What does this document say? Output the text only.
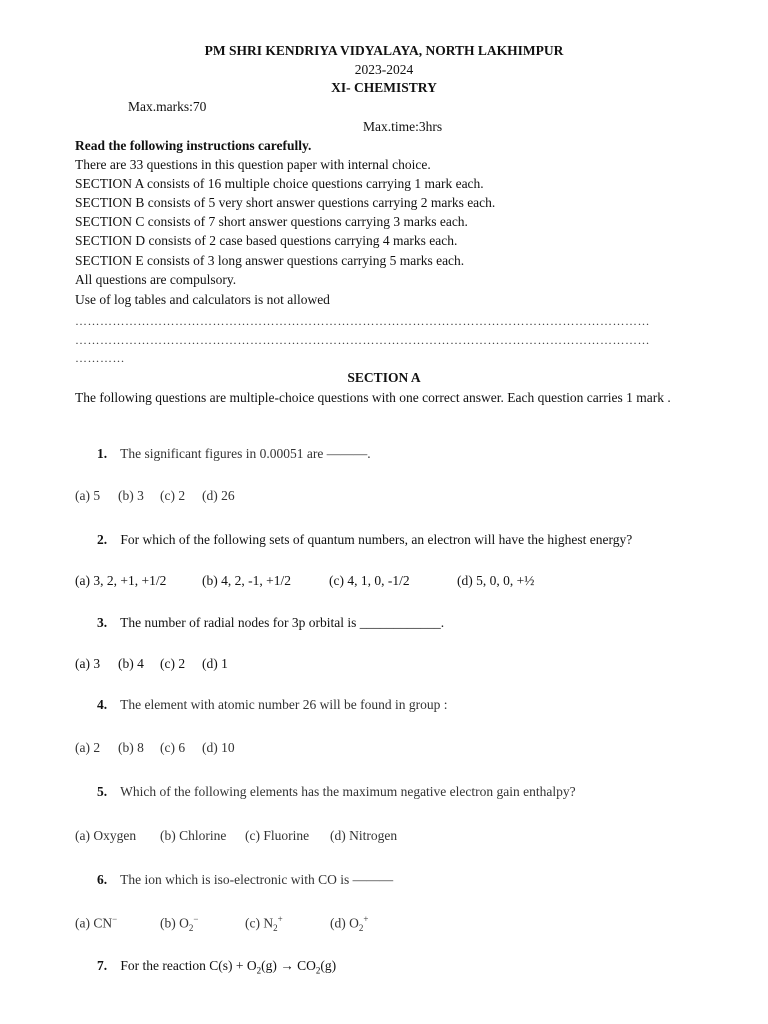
PM SHRI KENDRIYA VIDYALAYA, NORTH LAKHIMPUR
2023-2024
XI- CHEMISTRY
Max.marks:70
Max.time:3hrs
Read the following instructions carefully.
There are 33 questions in this question paper with internal choice.
SECTION A consists of 16 multiple choice questions carrying 1 mark each.
SECTION B consists of 5 very short answer questions carrying 2 marks each.
SECTION C consists of 7 short answer questions carrying 3 marks each.
SECTION D consists of 2 case based questions carrying 4 marks each.
SECTION E consists of 3 long answer questions carrying 5 marks each.
All questions are compulsory.
Use of log tables and calculators is not allowed
…………………………………………………………………………………………………………………………
…………………………………………………………………………………………………………………………
…………
SECTION A
The following questions are multiple-choice questions with one correct answer. Each question carries 1 mark .
1. The significant figures in 0.00051 are ———.
(a) 5 (b) 3 (c) 2 (d) 26
2. For which of the following sets of quantum numbers, an electron will have the highest energy?
(a) 3, 2, +1, +1/2	(b) 4, 2, -1, +1/2	(c) 4, 1, 0, -1/2	(d) 5, 0, 0, +½
3. The number of radial nodes for 3p orbital is ____________.
(a) 3 (b) 4 (c) 2 (d) 1
4. The element with atomic number 26 will be found in group :
(a) 2 (b) 8 (c) 6 (d) 10
5. Which of the following elements has the maximum negative electron gain enthalpy?
(a) Oxygen (b) Chlorine (c) Fluorine (d) Nitrogen
6. The ion which is iso-electronic with CO is ———
(a) CN−	(b) $O_2^-$	(c) $N_2^+$	(d) $O_2^+$
7. For the reaction $C(s) + O_2(g) \to CO_2(g)$
